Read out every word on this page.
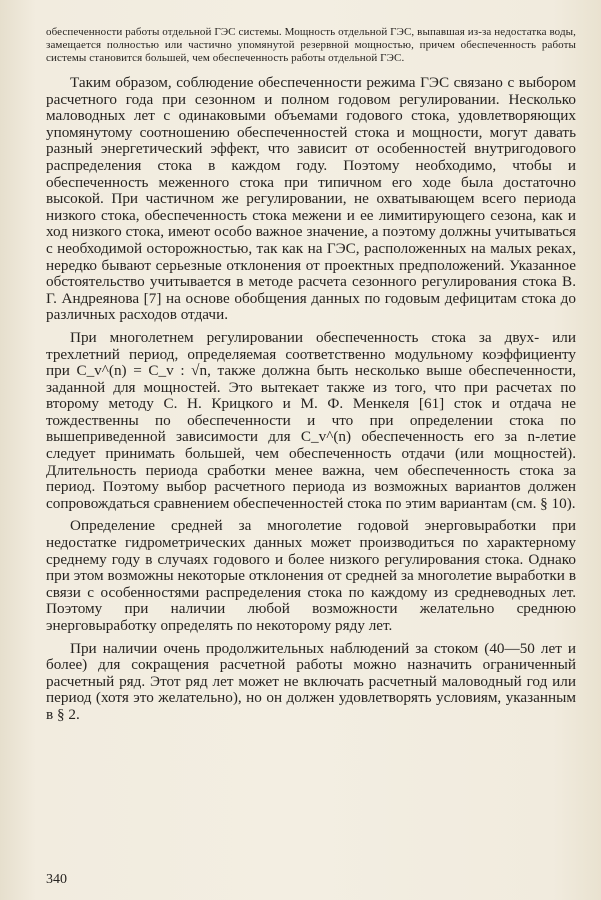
обеспеченности работы отдельной ГЭС системы. Мощность отдельной ГЭС, выпавшая из-за недостатка воды, замещается полностью или частично упомянутой резервной мощностью, причем обеспеченность работы системы становится большей, чем обеспеченность работы отдельной ГЭС.

Таким образом, соблюдение обеспеченности режима ГЭС связано с выбором расчетного года при сезонном и полном годовом регулировании. Несколько маловодных лет с одинаковыми объемами годового стока, удовлетворяющих упомянутому соотношению обеспеченностей стока и мощности, могут давать разный энергетический эффект, что зависит от особенностей внутригодового распределения стока в каждом году. Поэтому необходимо, чтобы и обеспеченность меженного стока при типичном его ходе была достаточно высокой. При частичном же регулировании, не охватывающем всего периода низкого стока, обеспеченность стока межени и ее лимитирующего сезона, как и ход низкого стока, имеют особо важное значение, а поэтому должны учитываться с необходимой осторожностью, так как на ГЭС, расположенных на малых реках, нередко бывают серьезные отклонения от проектных предположений. Указанное обстоятельство учитывается в методе расчета сезонного регулирования стока В. Г. Андреянова [7] на основе обобщения данных по годовым дефицитам стока до различных расходов отдачи.

При многолетнем регулировании обеспеченность стока за двух- или трехлетний период, определяемая соответственно модульному коэффициенту при C_v^(n) = C_v : √n, также должна быть несколько выше обеспеченности, заданной для мощностей. Это вытекает также из того, что при расчетах по второму методу С. Н. Крицкого и М. Ф. Менкеля [61] сток и отдача не тождественны по обеспеченности и что при определении стока по вышеприведенной зависимости для C_v^(n) обеспеченность его за n-летие следует принимать большей, чем обеспеченность отдачи (или мощностей). Длительность периода сработки менее важна, чем обеспеченность стока за период. Поэтому выбор расчетного периода из возможных вариантов должен сопровождаться сравнением обеспеченностей стока по этим вариантам (см. § 10).

Определение средней за многолетие годовой энерговыработки при недостатке гидрометрических данных может производиться по характерному среднему году в случаях годового и более низкого регулирования стока. Однако при этом возможны некоторые отклонения от средней за многолетие выработки в связи с особенностями распределения стока по каждому из средневодных лет. Поэтому при наличии любой возможности желательно среднюю энерговыработку определять по некоторому ряду лет.

При наличии очень продолжительных наблюдений за стоком (40—50 лет и более) для сокращения расчетной работы можно назначить ограниченный расчетный ряд. Этот ряд лет может не включать расчетный маловодный год или период (хотя это желательно), но он должен удовлетворять условиям, указанным в § 2.

340
